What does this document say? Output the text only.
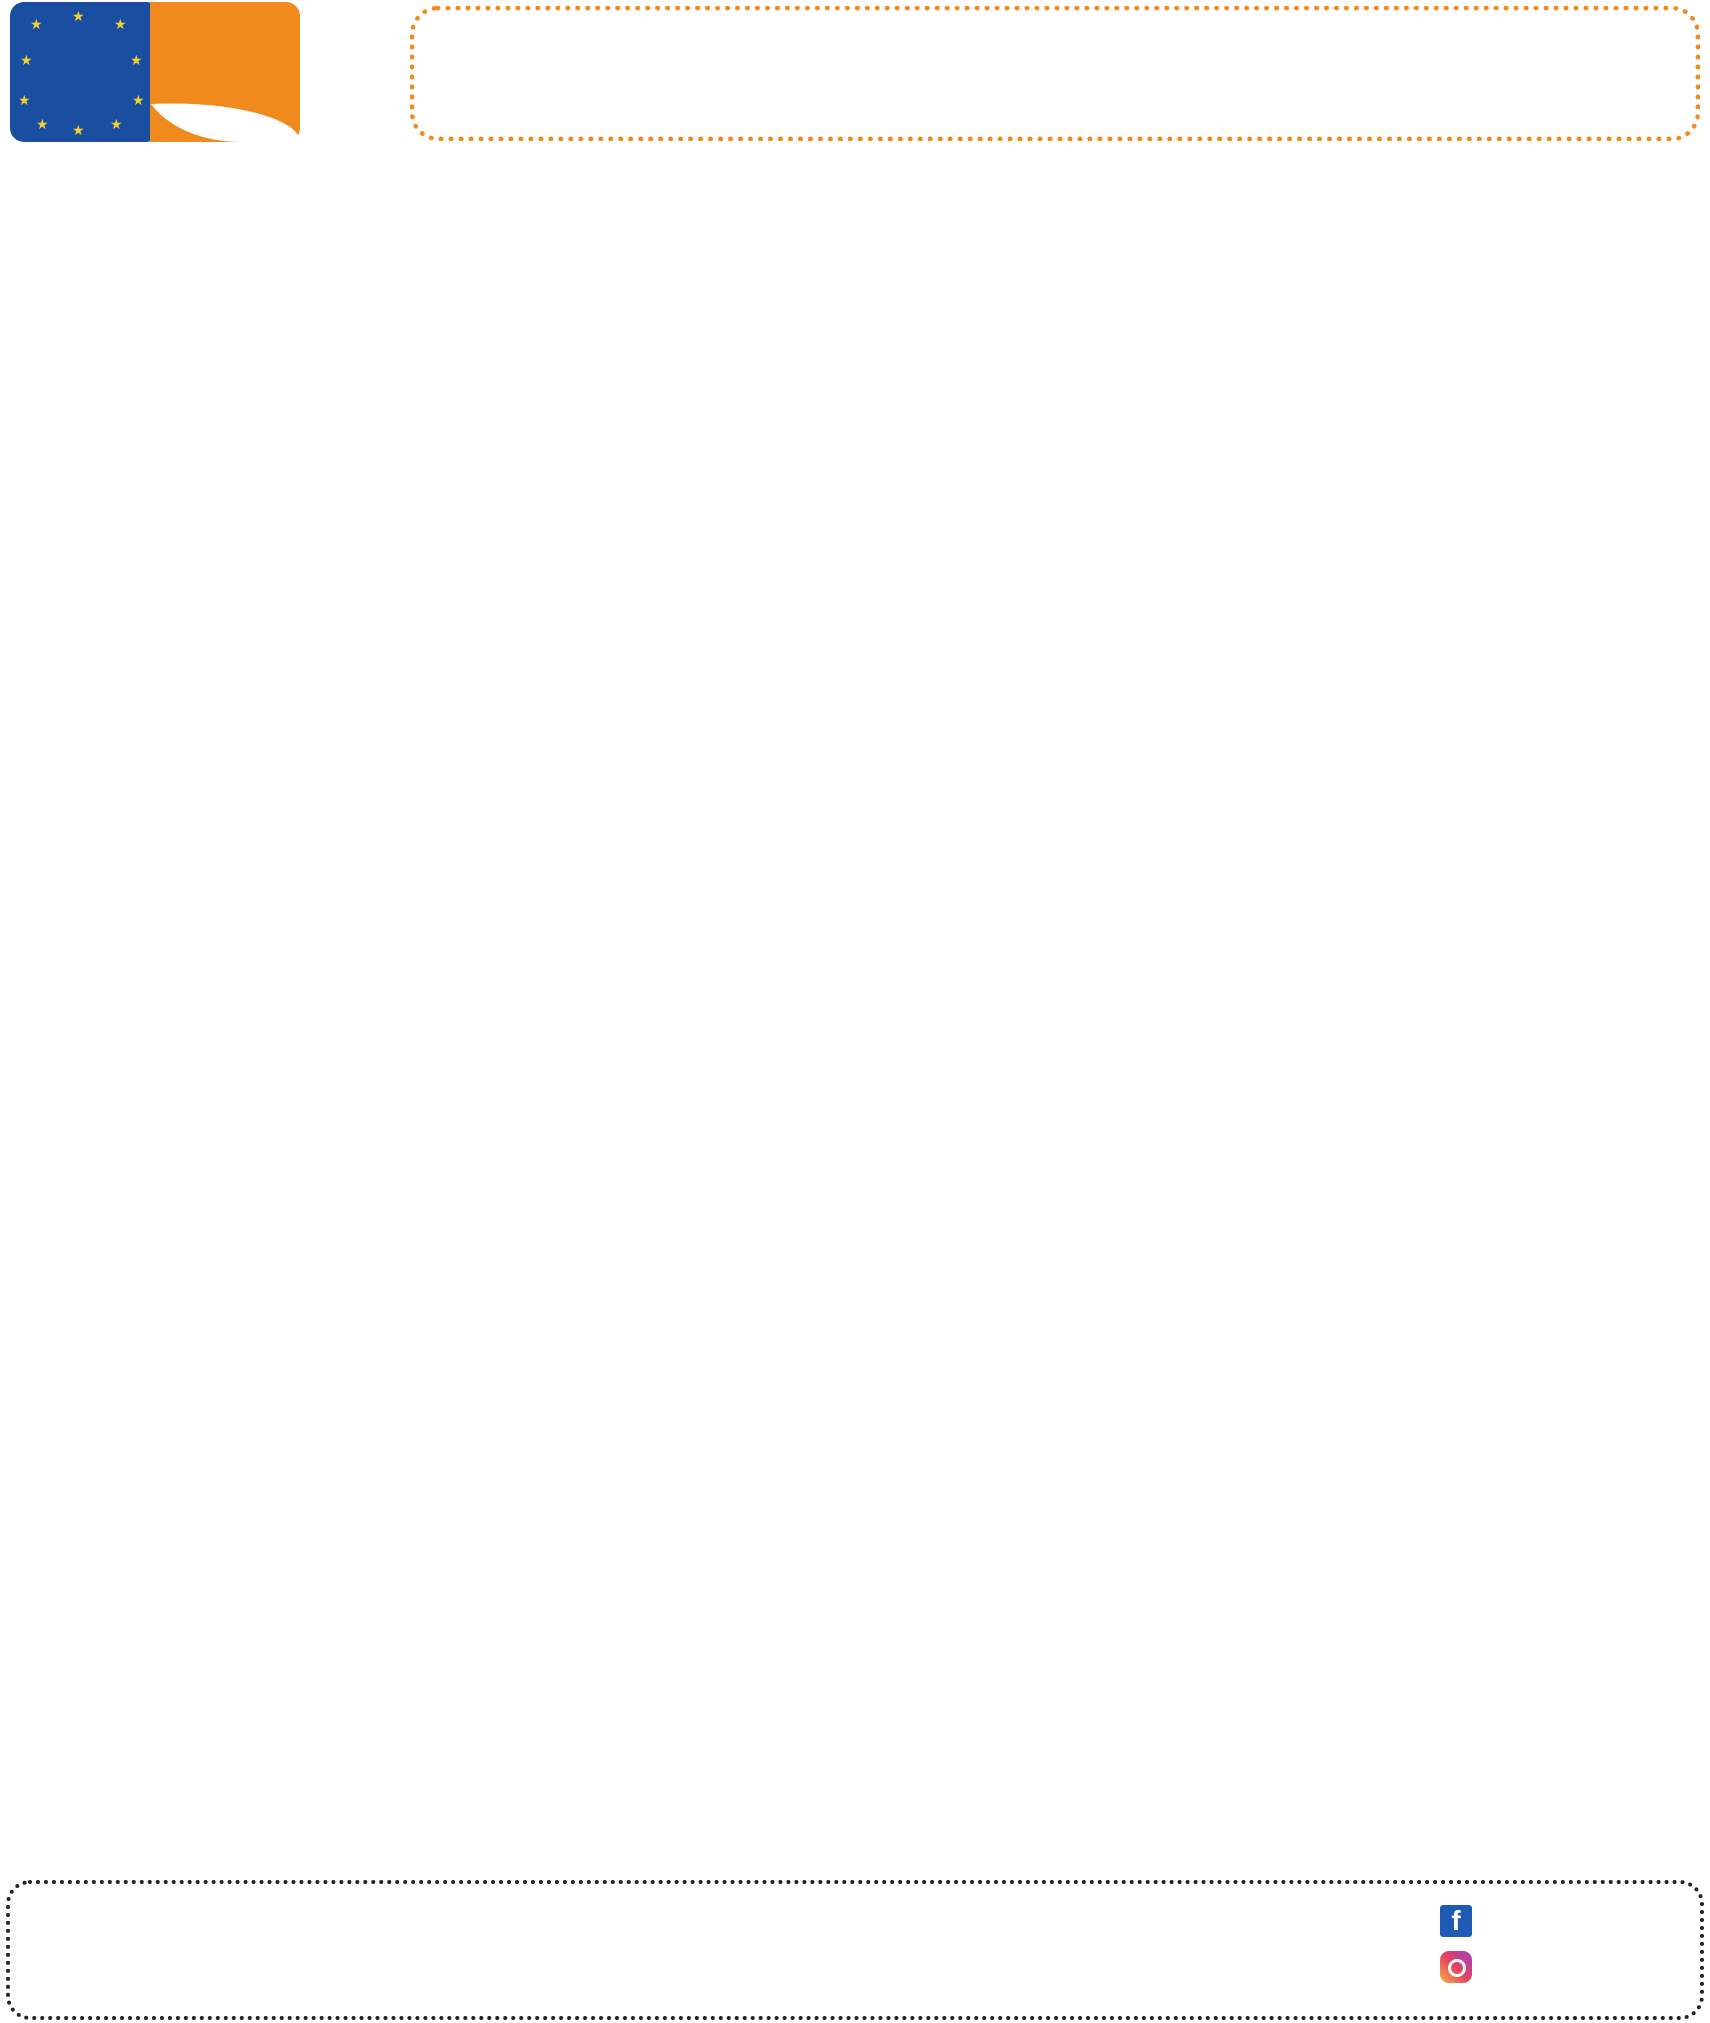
★ ★ ★
★	★
★	★
★ ★ ★
f
